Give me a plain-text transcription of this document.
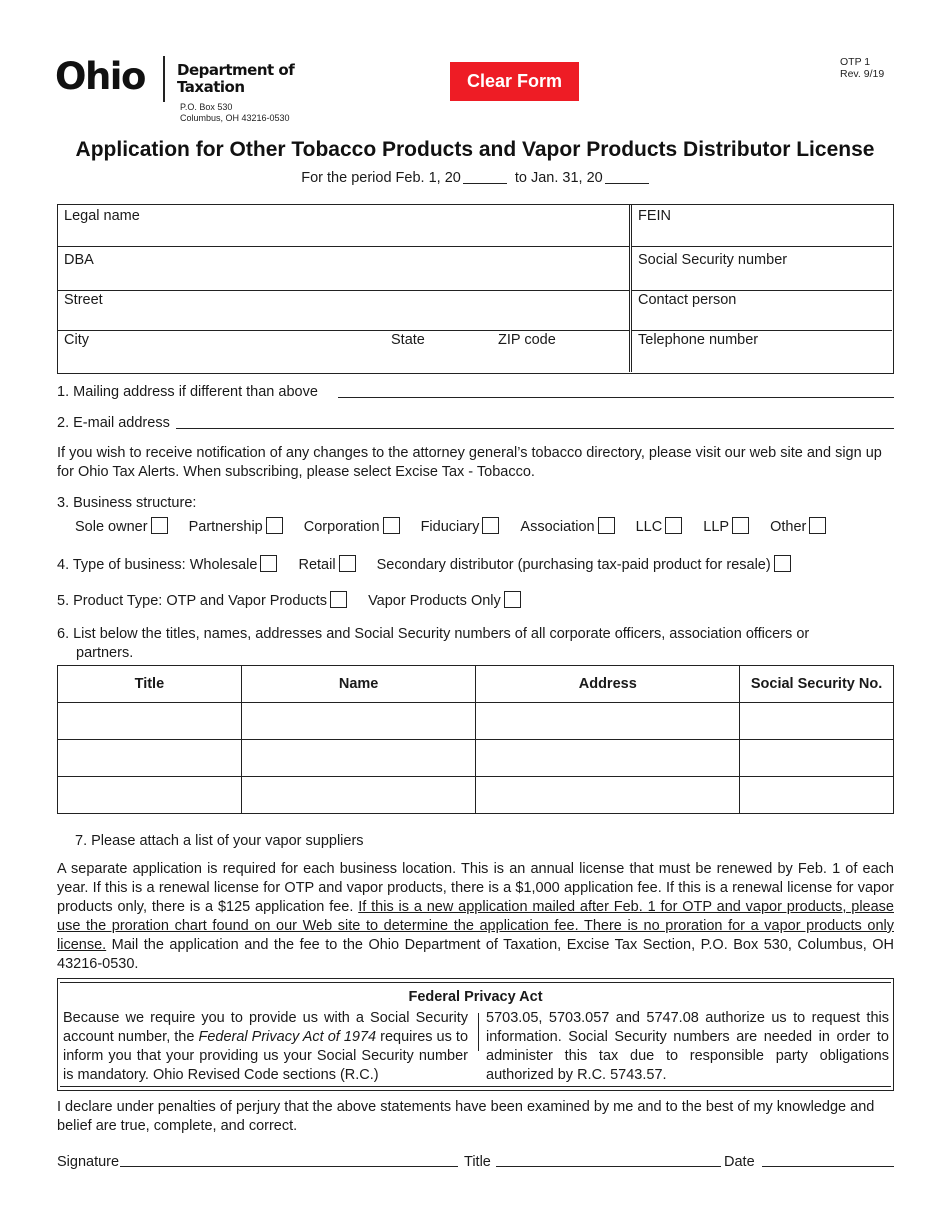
Ohio Department of
Taxation
P.O. Box 530
Columbus, OH 43216-0530
Clear Form
OTP 1
Rev. 9/19
Application for Other Tobacco Products and Vapor Products Distributor License
For the period Feb. 1, 20	to Jan. 31, 20
Legal name	FEIN
DBA	Social Security number
Street	Contact person
City	State	ZIP code	Telephone number
1. Mailing address if different than above
2. E-mail address
If you wish to receive notification of any changes to the attorney general’s tobacco directory, please visit our web site and sign up for Ohio Tax Alerts. When subscribing, please select Excise Tax - Tobacco.
3. Business structure:
Sole owner	Partnership	Corporation	Fiduciary	Association	LLC	LLP	Other
4. Type of business: Wholesale	Retail	Secondary distributor (purchasing tax-paid product for resale)
5. Product Type: OTP and Vapor Products	Vapor Products Only
6. List below the titles, names, addresses and Social Security numbers of all corporate officers, association officers or
partners.
Title	Name	Address	Social Security No.

7. Please attach a list of your vapor suppliers
A separate application is required for each business location. This is an annual license that must be renewed by Feb. 1 of each year. If this is a renewal license for OTP and vapor products, there is a $1,000 application fee. If this is a renewal license for vapor products only, there is a $125 application fee. If this is a new application mailed after Feb. 1 for OTP and vapor products, please use the proration chart found on our Web site to determine the application fee. There is no proration for a vapor products only license. Mail the application and the fee to the Ohio Department of Taxation, Excise Tax Section, P.O. Box 530, Columbus, OH 43216-0530.
Federal Privacy Act
Because we require you to provide us with a Social Security account number, the Federal Privacy Act of 1974 requires us to inform you that your providing us your Social Security number is mandatory. Ohio Revised Code sections (R.C.)
5703.05, 5703.057 and 5747.08 authorize us to request this information. Social Security numbers are needed in order to administer this tax due to responsible party obligations authorized by R.C. 5743.57.
I declare under penalties of perjury that the above statements have been examined by me and to the best of my knowledge and belief are true, complete, and correct.
Signature	Title	Date
